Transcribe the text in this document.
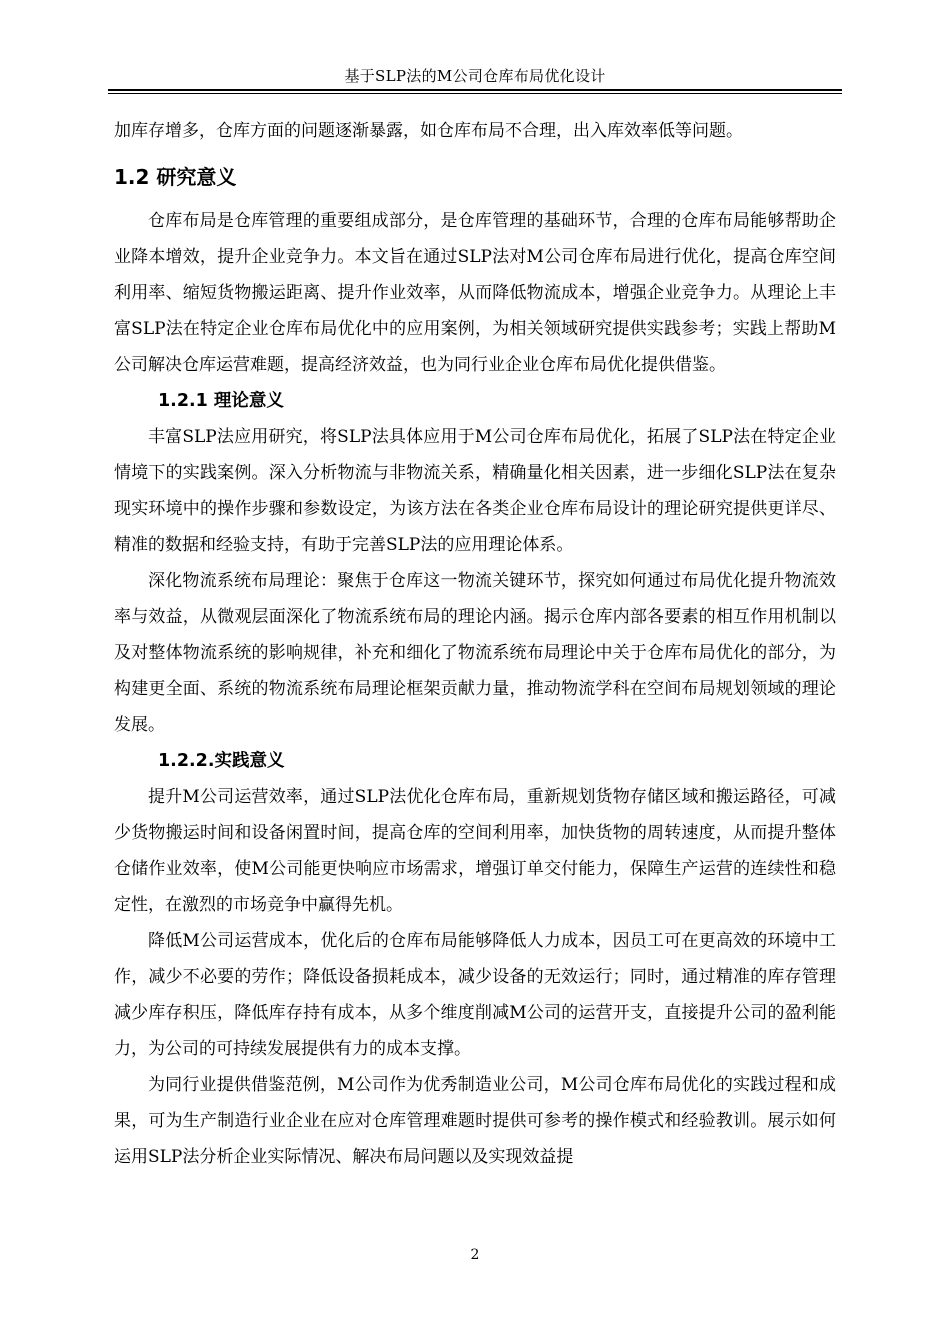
基于SLP法的M公司仓库布局优化设计

加库存增多，仓库方面的问题逐渐暴露，如仓库布局不合理，出入库效率低等问题。

1.2 研究意义

仓库布局是仓库管理的重要组成部分，是仓库管理的基础环节，合理的仓库布局能够帮助企业降本增效，提升企业竞争力。本文旨在通过SLP法对M公司仓库布局进行优化，提高仓库空间利用率、缩短货物搬运距离、提升作业效率，从而降低物流成本，增强企业竞争力。从理论上丰富SLP法在特定企业仓库布局优化中的应用案例，为相关领域研究提供实践参考；实践上帮助M公司解决仓库运营难题，提高经济效益，也为同行业企业仓库布局优化提供借鉴。

1.2.1 理论意义

丰富SLP法应用研究，将SLP法具体应用于M公司仓库布局优化，拓展了SLP法在特定企业情境下的实践案例。深入分析物流与非物流关系，精确量化相关因素，进一步细化SLP法在复杂现实环境中的操作步骤和参数设定，为该方法在各类企业仓库布局设计的理论研究提供更详尽、精准的数据和经验支持，有助于完善SLP法的应用理论体系。

深化物流系统布局理论：聚焦于仓库这一物流关键环节，探究如何通过布局优化提升物流效率与效益，从微观层面深化了物流系统布局的理论内涵。揭示仓库内部各要素的相互作用机制以及对整体物流系统的影响规律，补充和细化了物流系统布局理论中关于仓库布局优化的部分，为构建更全面、系统的物流系统布局理论框架贡献力量，推动物流学科在空间布局规划领域的理论发展。

1.2.2.实践意义

提升M公司运营效率，通过SLP法优化仓库布局，重新规划货物存储区域和搬运路径，可减少货物搬运时间和设备闲置时间，提高仓库的空间利用率，加快货物的周转速度，从而提升整体仓储作业效率，使M公司能更快响应市场需求，增强订单交付能力，保障生产运营的连续性和稳定性，在激烈的市场竞争中赢得先机。

降低M公司运营成本，优化后的仓库布局能够降低人力成本，因员工可在更高效的环境中工作，减少不必要的劳作；降低设备损耗成本，减少设备的无效运行；同时，通过精准的库存管理减少库存积压，降低库存持有成本，从多个维度削减M公司的运营开支，直接提升公司的盈利能力，为公司的可持续发展提供有力的成本支撑。

为同行业提供借鉴范例，M公司作为优秀制造业公司，M公司仓库布局优化的实践过程和成果，可为生产制造行业企业在应对仓库管理难题时提供可参考的操作模式和经验教训。展示如何运用SLP法分析企业实际情况、解决布局问题以及实现效益提

2
